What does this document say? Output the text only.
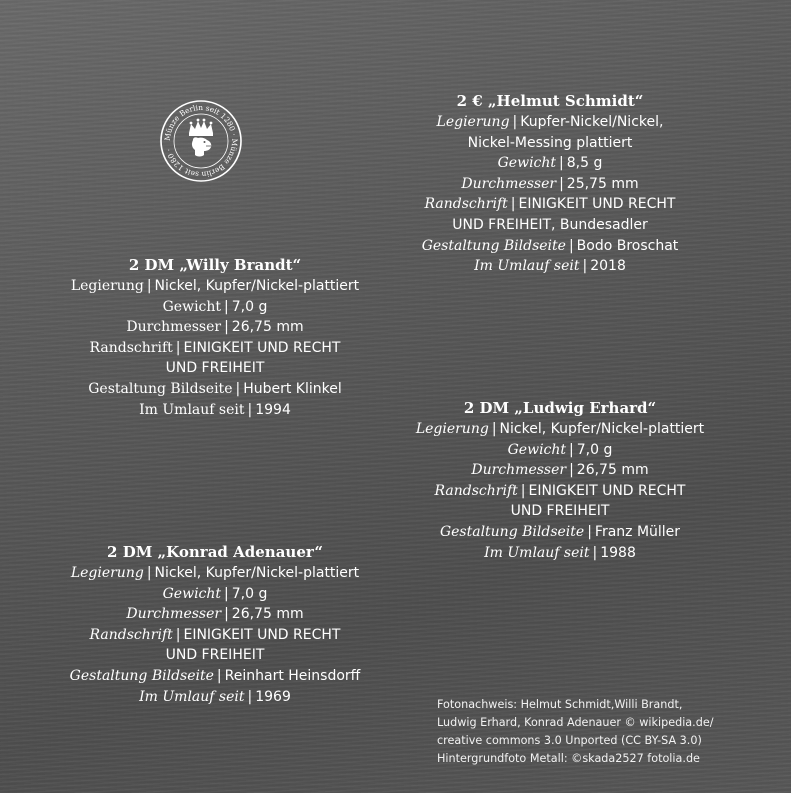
Münze Berlin seit 1280 · Münze Berlin seit 1280 ·
2 € „Helmut Schmidt“
Legierung | Kupfer-Nickel/Nickel,
Nickel-Messing plattiert
Gewicht | 8,5 g
Durchmesser | 25,75 mm
Randschrift | EINIGKEIT UND RECHT
UND FREIHEIT, Bundesadler
Gestaltung Bildseite | Bodo Broschat
Im Umlauf seit | 2018
2 DM „Willy Brandt“
Legierung | Nickel, Kupfer/Nickel-plattiert
Gewicht | 7,0 g
Durchmesser | 26,75 mm
Randschrift | EINIGKEIT UND RECHT
UND FREIHEIT
Gestaltung Bildseite | Hubert Klinkel
Im Umlauf seit | 1994	2 DM „Ludwig Erhard“
Legierung | Nickel, Kupfer/Nickel-plattiert
Gewicht | 7,0 g
Durchmesser | 26,75 mm
Randschrift | EINIGKEIT UND RECHT
UND FREIHEIT
Gestaltung Bildseite | Franz Müller
Im Umlauf seit | 1988
2 DM „Konrad Adenauer“
Legierung | Nickel, Kupfer/Nickel-plattiert
Gewicht | 7,0 g
Durchmesser | 26,75 mm
Randschrift | EINIGKEIT UND RECHT
UND FREIHEIT
Gestaltung Bildseite | Reinhart Heinsdorff
Im Umlauf seit | 1969	Fotonachweis: Helmut Schmidt,Willi Brandt,
Ludwig Erhard, Konrad Adenauer © wikipedia.de/
creative commons 3.0 Unported (CC BY-SA 3.0)
Hintergrundfoto Metall: ©skada2527 fotolia.de
